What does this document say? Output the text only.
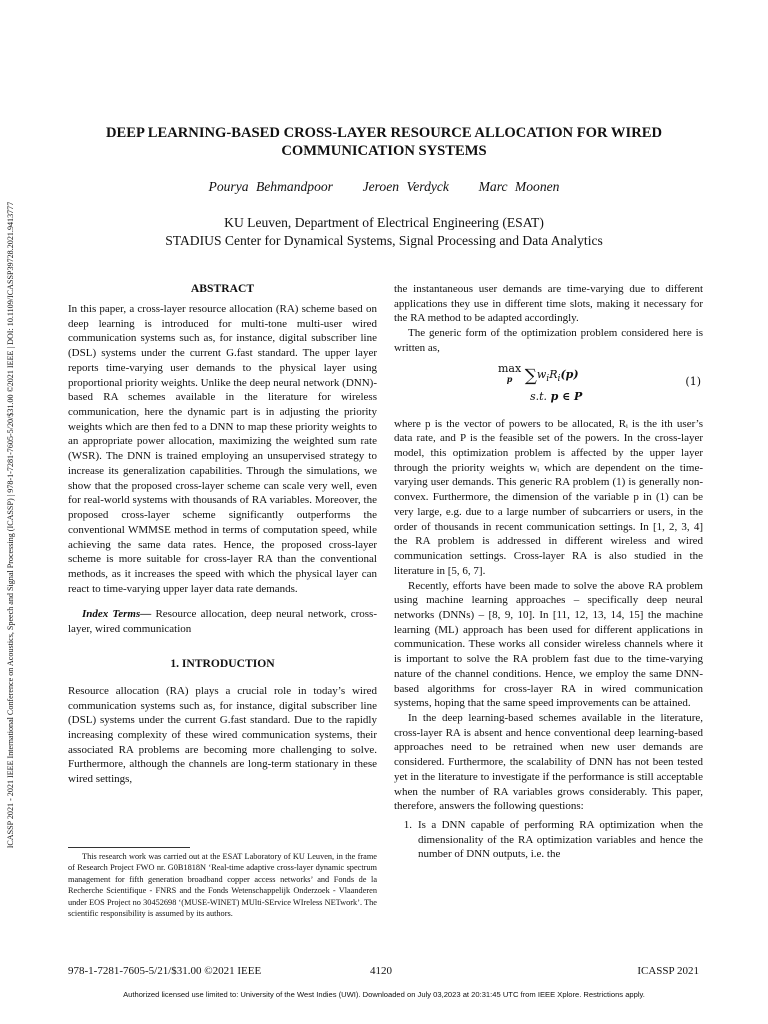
ICASSP 2021 - 2021 IEEE International Conference on Acoustics, Speech and Signal Processing (ICASSP) | 978-1-7281-7605-5/20/$31.00 ©2021 IEEE | DOI: 10.1109/ICASSP39728.2021.9413777
DEEP LEARNING-BASED CROSS-LAYER RESOURCE ALLOCATION FOR WIRED COMMUNICATION SYSTEMS
Pourya Behmandpoor Jeroen Verdyck Marc Moonen
KU Leuven, Department of Electrical Engineering (ESAT)
STADIUS Center for Dynamical Systems, Signal Processing and Data Analytics
ABSTRACT

In this paper, a cross-layer resource allocation (RA) scheme based on deep learning is introduced for multi-tone multi-user wired communication systems such as, for instance, digital subscriber line (DSL) systems under the current G.fast standard. The upper layer reports time-varying user demands to the physical layer using proportional priority weights. Unlike the deep neural network (DNN)-based RA schemes available in the literature for wireless communication, here the dynamic part is in adjusting the priority weights which are then fed to a DNN to map these priority weights to an appropriate power allocation, maximizing the weighted sum rate (WSR). The DNN is trained employing an unsupervised strategy to increase its generalization capabilities. Through the simulations, we show that the proposed cross-layer scheme can scale very well, even for real-world systems with thousands of RA variables. Moreover, the proposed cross-layer scheme significantly outperforms the conventional WMMSE method in terms of computation speed, while achieving the same data rates. Hence, the proposed cross-layer scheme is more suitable for cross-layer RA than the conventional methods, as it increases the speed with which the physical layer can react to time-varying upper layer data rate demands.

Index Terms— Resource allocation, deep neural network, cross-layer, wired communication

1. INTRODUCTION

Resource allocation (RA) plays a crucial role in today’s wired communication systems such as, for instance, digital subscriber line (DSL) systems under the current G.fast standard. Due to the rapidly increasing complexity of these wired communication systems, their associated RA problems are becoming more challenging to solve. Furthermore, although the channels are long-term stationary in these wired settings,

This research work was carried out at the ESAT Laboratory of KU Leuven, in the frame of Research Project FWO nr. G0B1818N ‘Real-time adaptive cross-layer dynamic spectrum management for fifth generation broadband copper access networks’ and Fonds de la Recherche Scientifique - FNRS and the Fonds Wetenschappelijk Onderzoek - Vlaanderen under EOS Project no 30452698 ‘(MUSE-WINET) MUlti-SErvice WIreless NETwork’. The scientific responsibility is assumed by its authors.

the instantaneous user demands are time-varying due to different applications they use in different time slots, making it necessary for the RA method to be adapted accordingly.

The generic form of the optimization problem considered here is written as,

max
p $\sum w_iR_i(p)$
s.t. p ∈ P
(1)

where p is the vector of powers to be allocated, Rᵢ is the ith user’s data rate, and P is the feasible set of the powers. In the cross-layer model, this optimization problem is affected by the upper layer through the priority weights wᵢ which are dependent on the time-varying user demands. This generic RA problem (1) is generally non-convex. Furthermore, the dimension of the variable p in (1) can be very large, e.g. due to a large number of subcarriers or users, in the order of thousands in recent communication settings. In [1, 2, 3, 4] the RA problem is addressed in different wireless and wired communication settings. Cross-layer RA is also studied in the literature in [5, 6, 7].

Recently, efforts have been made to solve the above RA problem using machine learning approaches – specifically deep neural networks (DNNs) – [8, 9, 10]. In [11, 12, 13, 14, 15] the machine learning (ML) approach has been used for different applications in communication. These works all consider wireless channels where it is important to solve the RA problem fast due to the time-varying nature of the channel conditions. Hence, we employ the same DNN-based algorithms for cross-layer RA in wired communication systems, hoping that the same speed improvements can be attained.

In the deep learning-based schemes available in the literature, cross-layer RA is absent and hence conventional deep learning-based approaches need to be retrained when new user demands are considered. Furthermore, the scalability of DNN has not been tested yet in the literature to investigate if the performance is still acceptable when the number of RA variables grows considerably. This paper, therefore, answers the following questions:

1. Is a DNN capable of performing RA optimization when the dimensionality of the RA optimization variables and hence the number of DNN outputs, i.e. the
978-1-7281-7605-5/21/$31.00 ©2021 IEEE	4120	ICASSP 2021
Authorized licensed use limited to: University of the West Indies (UWI). Downloaded on July 03,2023 at 20:31:45 UTC from IEEE Xplore. Restrictions apply.
